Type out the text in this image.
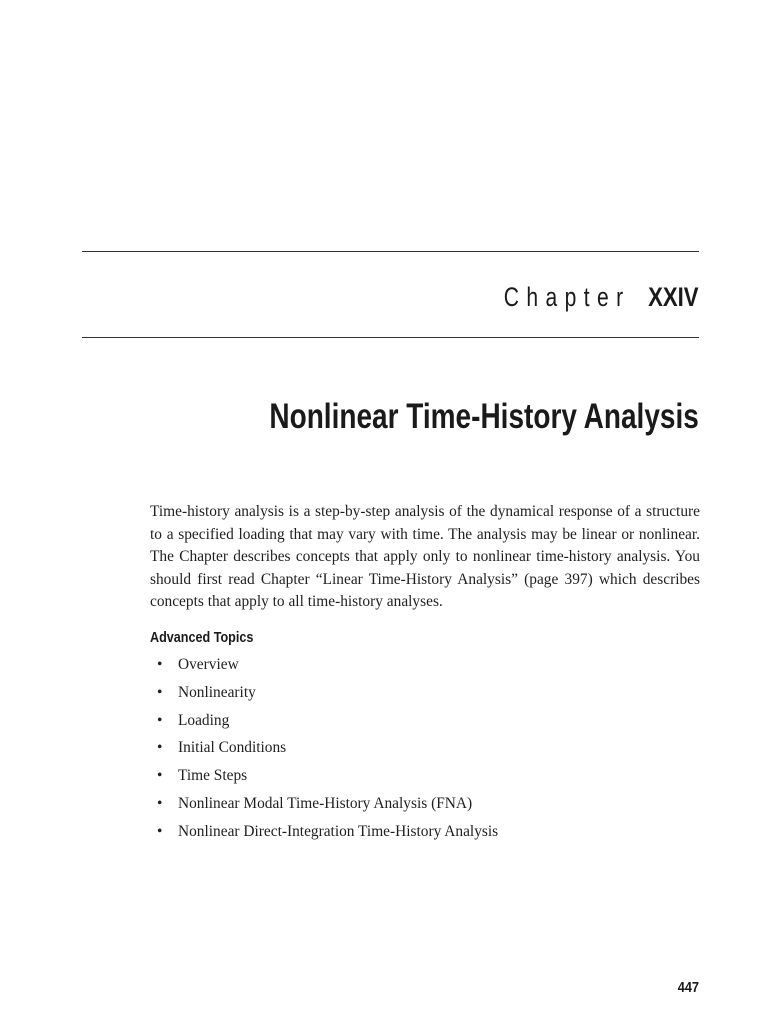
Chapter XXIV
Nonlinear Time-History Analysis

Time-history analysis is a step-by-step analysis of the dynamical response of a structure to a specified loading that may vary with time. The analysis may be linear or nonlinear. The Chapter describes concepts that apply only to nonlinear time-history analysis. You should first read Chapter “Linear Time-History Analysis” (page 397) which describes concepts that apply to all time-history analyses.

Advanced Topics
• Overview
• Nonlinearity
• Loading
• Initial Conditions
• Time Steps
• Nonlinear Modal Time-History Analysis (FNA)
• Nonlinear Direct-Integration Time-History Analysis
447
